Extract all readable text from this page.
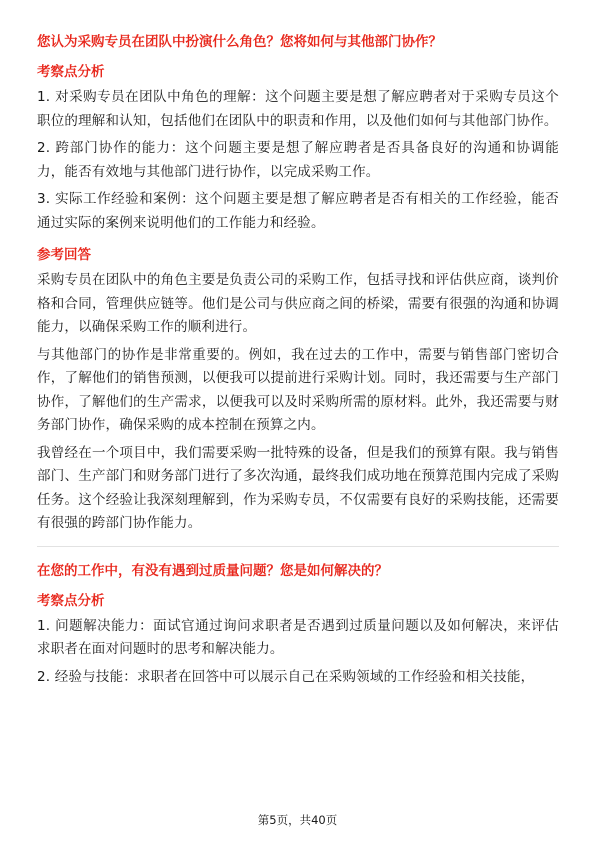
您认为采购专员在团队中扮演什么角色？您将如何与其他部门协作？
考察点分析
1. 对采购专员在团队中角色的理解：这个问题主要是想了解应聘者对于采购专员这个职位的理解和认知，包括他们在团队中的职责和作用，以及他们如何与其他部门协作。
2. 跨部门协作的能力：这个问题主要是想了解应聘者是否具备良好的沟通和协调能力，能否有效地与其他部门进行协作，以完成采购工作。
3. 实际工作经验和案例：这个问题主要是想了解应聘者是否有相关的工作经验，能否通过实际的案例来说明他们的工作能力和经验。
参考回答
采购专员在团队中的角色主要是负责公司的采购工作，包括寻找和评估供应商，谈判价格和合同，管理供应链等。他们是公司与供应商之间的桥梁，需要有很强的沟通和协调能力，以确保采购工作的顺利进行。
与其他部门的协作是非常重要的。例如，我在过去的工作中，需要与销售部门密切合作，了解他们的销售预测，以便我可以提前进行采购计划。同时，我还需要与生产部门协作，了解他们的生产需求，以便我可以及时采购所需的原材料。此外，我还需要与财务部门协作，确保采购的成本控制在预算之内。
我曾经在一个项目中，我们需要采购一批特殊的设备，但是我们的预算有限。我与销售部门、生产部门和财务部门进行了多次沟通，最终我们成功地在预算范围内完成了采购任务。这个经验让我深刻理解到，作为采购专员，不仅需要有良好的采购技能，还需要有很强的跨部门协作能力。
在您的工作中，有没有遇到过质量问题？您是如何解决的？
考察点分析
1. 问题解决能力：面试官通过询问求职者是否遇到过质量问题以及如何解决，来评估求职者在面对问题时的思考和解决能力。
2. 经验与技能：求职者在回答中可以展示自己在采购领域的工作经验和相关技能，
第5页，共40页
